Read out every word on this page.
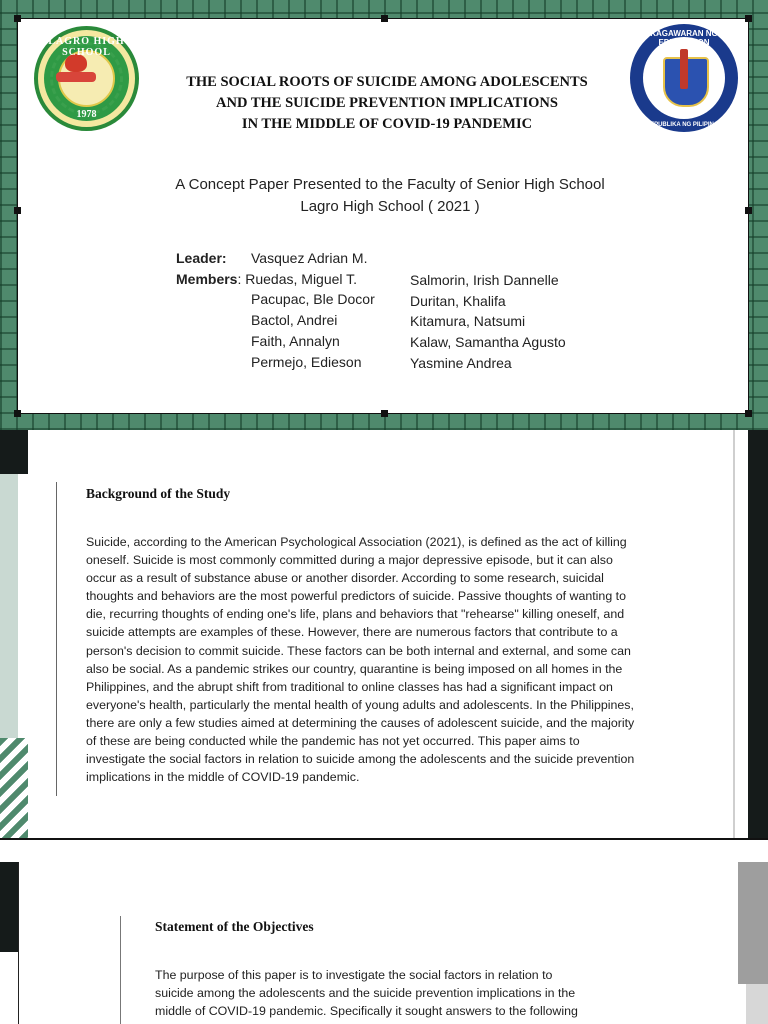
LAGRO HIGH SCHOOL
1978
KAGAWARAN NG EDUKASYON
REPUBLIKA NG PILIPINAS
THE SOCIAL ROOTS OF SUICIDE AMONG ADOLESCENTS
AND THE SUICIDE PREVENTION IMPLICATIONS
IN THE MIDDLE OF COVID-19 PANDEMIC
A Concept Paper Presented to the Faculty of Senior High School
Lagro High School ( 2021 )
Leader: Vasquez Adrian M.
Members: Ruedas, Miguel T.
Pacupac, Ble Docor
Bactol, Andrei
Faith, Annalyn
Permejo, Edieson
Salmorin, Irish Dannelle
Duritan, Khalifa
Kitamura, Natsumi
Kalaw, Samantha Agusto
Yasmine Andrea
Background of the Study
Suicide, according to the American Psychological Association (2021), is defined as the act of killing
oneself. Suicide is most commonly committed during a major depressive episode, but it can also
occur as a result of substance abuse or another disorder. According to some research, suicidal
thoughts and behaviors are the most powerful predictors of suicide. Passive thoughts of wanting to
die, recurring thoughts of ending one's life, plans and behaviors that "rehearse" killing oneself, and
suicide attempts are examples of these. However, there are numerous factors that contribute to a
person's decision to commit suicide. These factors can be both internal and external, and some can
also be social. As a pandemic strikes our country, quarantine is being imposed on all homes in the
Philippines, and the abrupt shift from traditional to online classes has had a significant impact on
everyone's health, particularly the mental health of young adults and adolescents. In the Philippines,
there are only a few studies aimed at determining the causes of adolescent suicide, and the majority
of these are being conducted while the pandemic has not yet occurred. This paper aims to
investigate the social factors in relation to suicide among the adolescents and the suicide prevention
implications in the middle of COVID-19 pandemic.
Statement of the Objectives
The purpose of this paper is to investigate the social factors in relation to
suicide among the adolescents and the suicide prevention implications in the
middle of COVID-19 pandemic. Specifically it sought answers to the following
